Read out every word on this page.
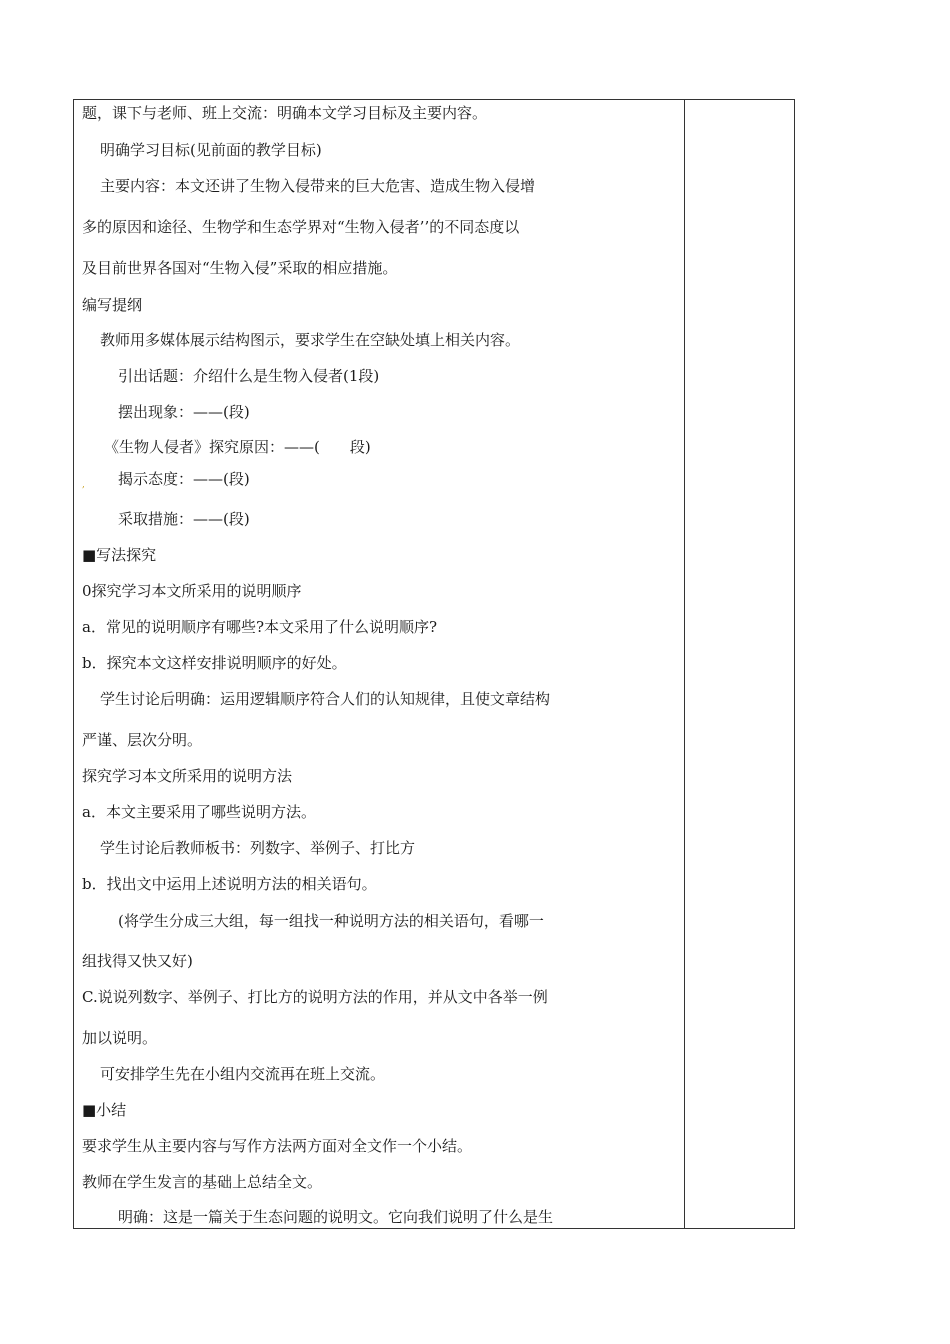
题，课下与老师、班上交流：明确本文学习目标及主要内容。
明确学习目标(见前面的教学目标)
主要内容：本文还讲了生物入侵带来的巨大危害、造成生物入侵增
多的原因和途径、生物学和生态学界对“生物入侵者’’的不同态度以
及目前世界各国对“生物入侵”采取的相应措施。
编写提纲
教师用多媒体展示结构图示，要求学生在空缺处填上相关内容。
引出话题：介绍什么是生物入侵者(1段)
摆出现象：——(段)
《生物人侵者》探究原因：——(　　段)
揭示态度：——(段)
采取措施：——(段)
■写法探究
0探究学习本文所采用的说明顺序
a．常见的说明顺序有哪些?本文采用了什么说明顺序?
b．探究本文这样安排说明顺序的好处。
学生讨论后明确：运用逻辑顺序符合人们的认知规律，且使文章结构
严谨、层次分明。
探究学习本文所采用的说明方法
a．本文主要采用了哪些说明方法。
学生讨论后教师板书：列数字、举例子、打比方
b．找出文中运用上述说明方法的相关语句。
(将学生分成三大组，每一组找一种说明方法的相关语句，看哪一
组找得又快又好)
C.说说列数字、举例子、打比方的说明方法的作用，并从文中各举一例
加以说明。
可安排学生先在小组内交流再在班上交流。
■小结
要求学生从主要内容与写作方法两方面对全文作一个小结。
教师在学生发言的基础上总结全文。
明确：这是一篇关于生态问题的说明文。它向我们说明了什么是生
,
